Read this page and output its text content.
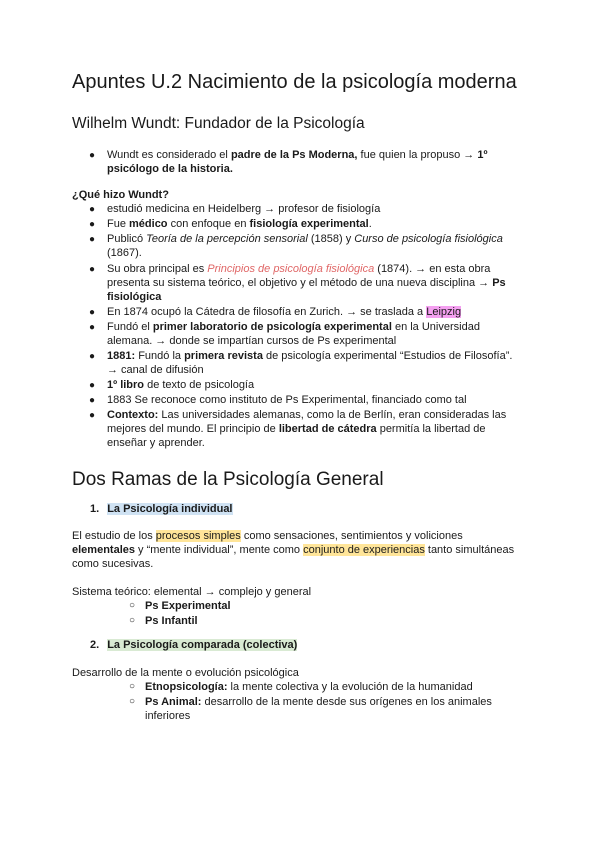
Apuntes U.2 Nacimiento de la psicología moderna
Wilhelm Wundt: Fundador de la Psicología
● Wundt es considerado el padre de la Ps Moderna, fue quien la propuso → 1º
psicólogo de la historia.
¿Qué hizo Wundt?
● estudió medicina en Heidelberg → profesor de fisiología
● Fue médico con enfoque en fisiología experimental.
● Publicó Teoría de la percepción sensorial (1858) y Curso de psicología fisiológica
(1867).
● Su obra principal es Principios de psicología fisiológica (1874). → en esta obra
presenta su sistema teórico, el objetivo y el método de una nueva disciplina → Ps
fisiológica
● En 1874 ocupó la Cátedra de filosofía en Zurich. → se traslada a Leipzig
● Fundó el primer laboratorio de psicología experimental en la Universidad
alemana. → donde se impartían cursos de Ps experimental
● 1881: Fundó la primera revista de psicología experimental “Estudios de Filosofía”.
→ canal de difusión
● 1º libro de texto de psicología
● 1883 Se reconoce como instituto de Ps Experimental, financiado como tal
● Contexto: Las universidades alemanas, como la de Berlín, eran consideradas las
mejores del mundo. El principio de libertad de cátedra permitía la libertad de
enseñar y aprender.
Dos Ramas de la Psicología General
1. La Psicología individual
El estudio de los procesos simples como sensaciones, sentimientos y voliciones
elementales y “mente individual”, mente como conjunto de experiencias tanto simultáneas
como sucesivas.
Sistema teórico: elemental → complejo y general
○ Ps Experimental
○ Ps Infantil
2. La Psicología comparada (colectiva)
Desarrollo de la mente o evolución psicológica
○ Etnopsicología: la mente colectiva y la evolución de la humanidad
○ Ps Animal: desarrollo de la mente desde sus orígenes en los animales
inferiores
